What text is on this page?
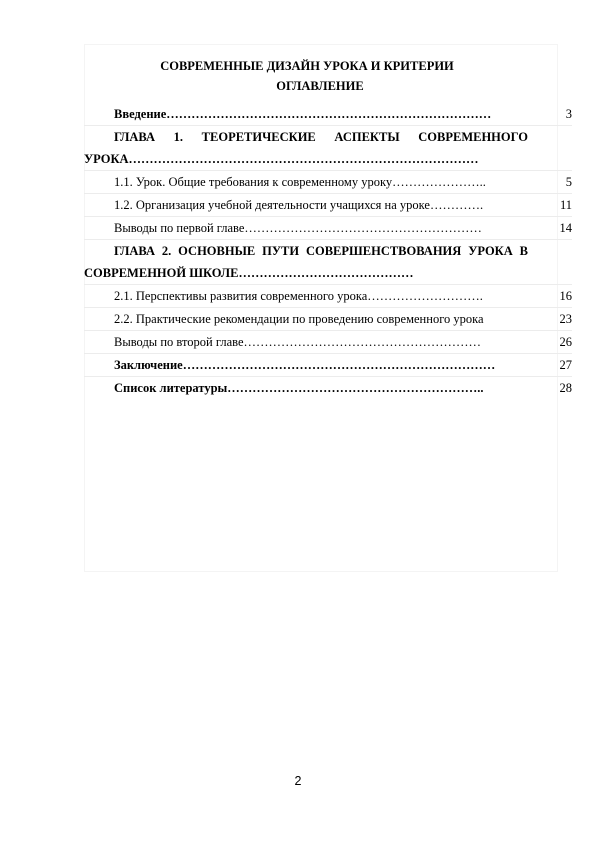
СОВРЕМЕННЫЕ ДИЗАЙН УРОКА И КРИТЕРИИ
ОГЛАВЛЕНИЕ
Введение……………………………………………………………………	3
ГЛАВА 1. ТЕОРЕТИЧЕСКИЕ АСПЕКТЫ СОВРЕМЕННОГО УРОКА…………………………………………………………………………
1.1. Урок. Общие требования к современному уроку…………………..	5
1.2. Организация учебной деятельности учащихся на уроке………….	11
Выводы по первой главе…………………………………………………	14
ГЛАВА 2. ОСНОВНЫЕ ПУТИ СОВЕРШЕНСТВОВАНИЯ УРОКА В СОВРЕМЕННОЙ ШКОЛЕ……………………………………
2.1. Перспективы развития современного урока……………………….	16
2.2. Практические рекомендации по проведению современного урока	23
Выводы по второй главе…………………………………………………	26
Заключение…………………………………………………………………	27
Список литературы……………………………………………………..	28
2
